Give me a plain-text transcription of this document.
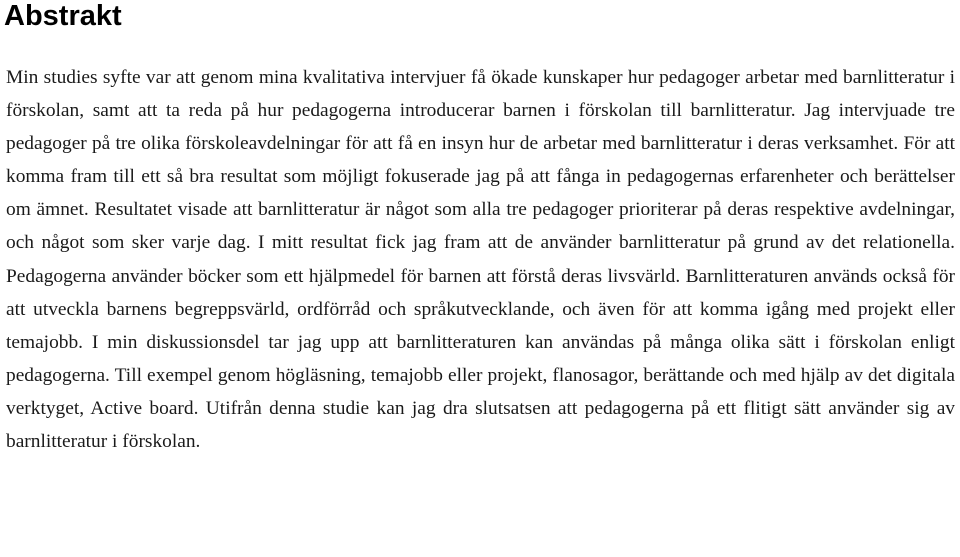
Abstrakt

Min studies syfte var att genom mina kvalitativa intervjuer få ökade kunskaper hur pedagoger arbetar med barnlitteratur i förskolan, samt att ta reda på hur pedagogerna introducerar barnen i förskolan till barnlitteratur. Jag intervjuade tre pedagoger på tre olika förskoleavdelningar för att få en insyn hur de arbetar med barnlitteratur i deras verksamhet. För att komma fram till ett så bra resultat som möjligt fokuserade jag på att fånga in pedagogernas erfarenheter och berättelser om ämnet. Resultatet visade att barnlitteratur är något som alla tre pedagoger prioriterar på deras respektive avdelningar, och något som sker varje dag. I mitt resultat fick jag fram att de använder barnlitteratur på grund av det relationella. Pedagogerna använder böcker som ett hjälpmedel för barnen att förstå deras livsvärld. Barnlitteraturen används också för att utveckla barnens begreppsvärld, ordförråd och språkutvecklande, och även för att komma igång med projekt eller temajobb. I min diskussionsdel tar jag upp att barnlitteraturen kan användas på många olika sätt i förskolan enligt pedagogerna. Till exempel genom högläsning, temajobb eller projekt, flanosagor, berättande och med hjälp av det digitala verktyget, Active board. Utifrån denna studie kan jag dra slutsatsen att pedagogerna på ett flitigt sätt använder sig av barnlitteratur i förskolan.
